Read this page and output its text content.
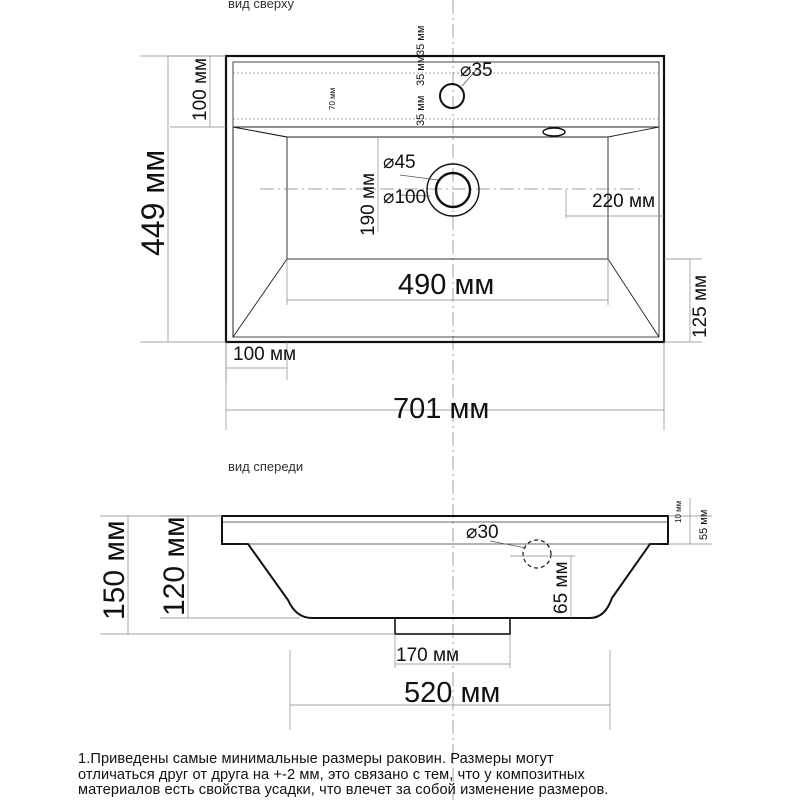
вид сверху
⌀35
35 мм
35 мм
35 мм
70 мм
⌀45
⌀100
190 мм	220 мм
490 мм	125 мм
100 мм
701 мм
100 мм
449 мм
вид спереди
⌀30
65 мм
10 мм 55 мм
170 мм
520 мм
120 мм
150 мм
1.Приведены самые минимальные размеры раковин. Размеры могут
отличаться друг от друга на +-2 мм, это связано с тем, что у композитных
материалов есть свойства усадки, что влечет за собой изменение размеров.
